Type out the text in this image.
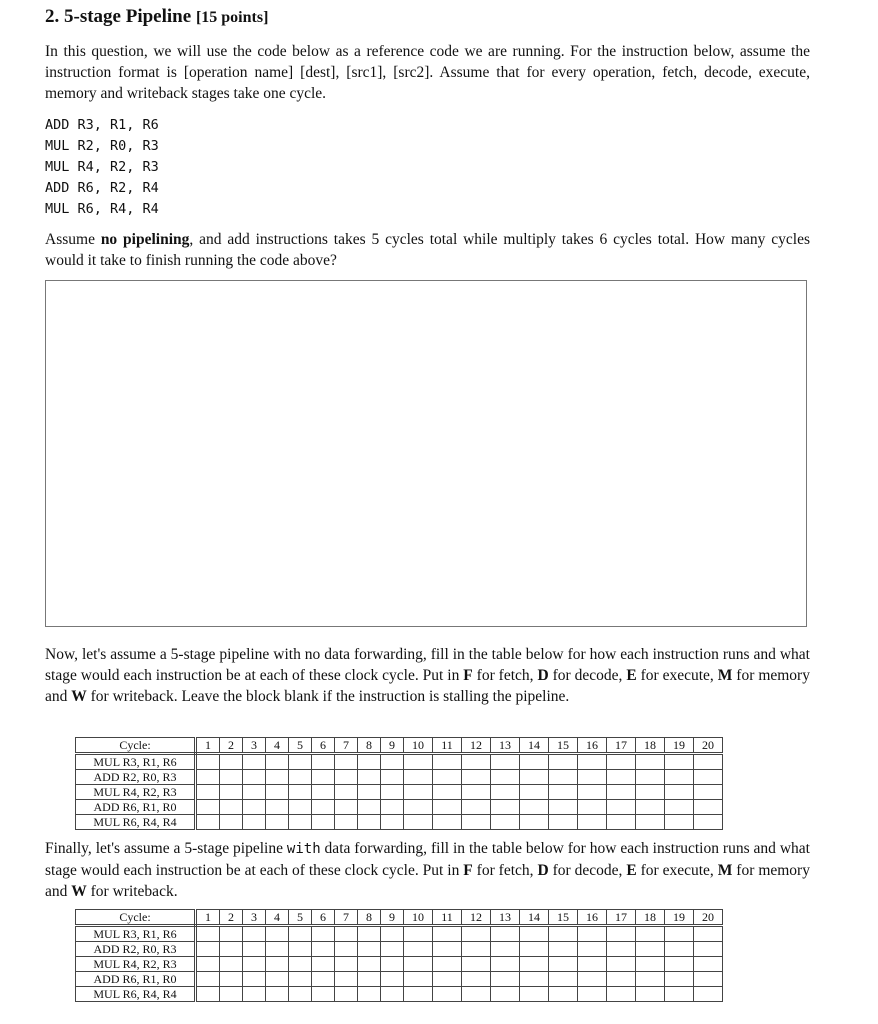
2. 5-stage Pipeline [15 points]
In this question, we will use the code below as a reference code we are running. For the instruction below, assume the instruction format is [operation name] [dest], [src1], [src2]. Assume that for every operation, fetch, decode, execute, memory and writeback stages take one cycle.
ADD R3, R1, R6
MUL R2, R0, R3
MUL R4, R2, R3
ADD R6, R2, R4
MUL R6, R4, R4
Assume no pipelining, and add instructions takes 5 cycles total while multiply takes 6 cycles total. How many cycles would it take to finish running the code above?
Now, let's assume a 5-stage pipeline with no data forwarding, fill in the table below for how each instruction runs and what stage would each instruction be at each of these clock cycle. Put in F for fetch, D for decode, E for execute, M for memory and W for writeback. Leave the block blank if the instruction is stalling the pipeline.
Cycle:	1	2	3	4	5	6	7	8	9	10	11	12	13	14	15	16	17	18	19	20
MUL R3, R1, R6																				
ADD R2, R0, R3																				
MUL R4, R2, R3																				
ADD R6, R1, R0																				
MUL R6, R4, R4																				
Finally, let's assume a 5-stage pipeline with data forwarding, fill in the table below for how each instruction runs and what stage would each instruction be at each of these clock cycle. Put in F for fetch, D for decode, E for execute, M for memory and W for writeback.
Cycle:	1	2	3	4	5	6	7	8	9	10	11	12	13	14	15	16	17	18	19	20
MUL R3, R1, R6																				
ADD R2, R0, R3																				
MUL R4, R2, R3																				
ADD R6, R1, R0																				
MUL R6, R4, R4																				
